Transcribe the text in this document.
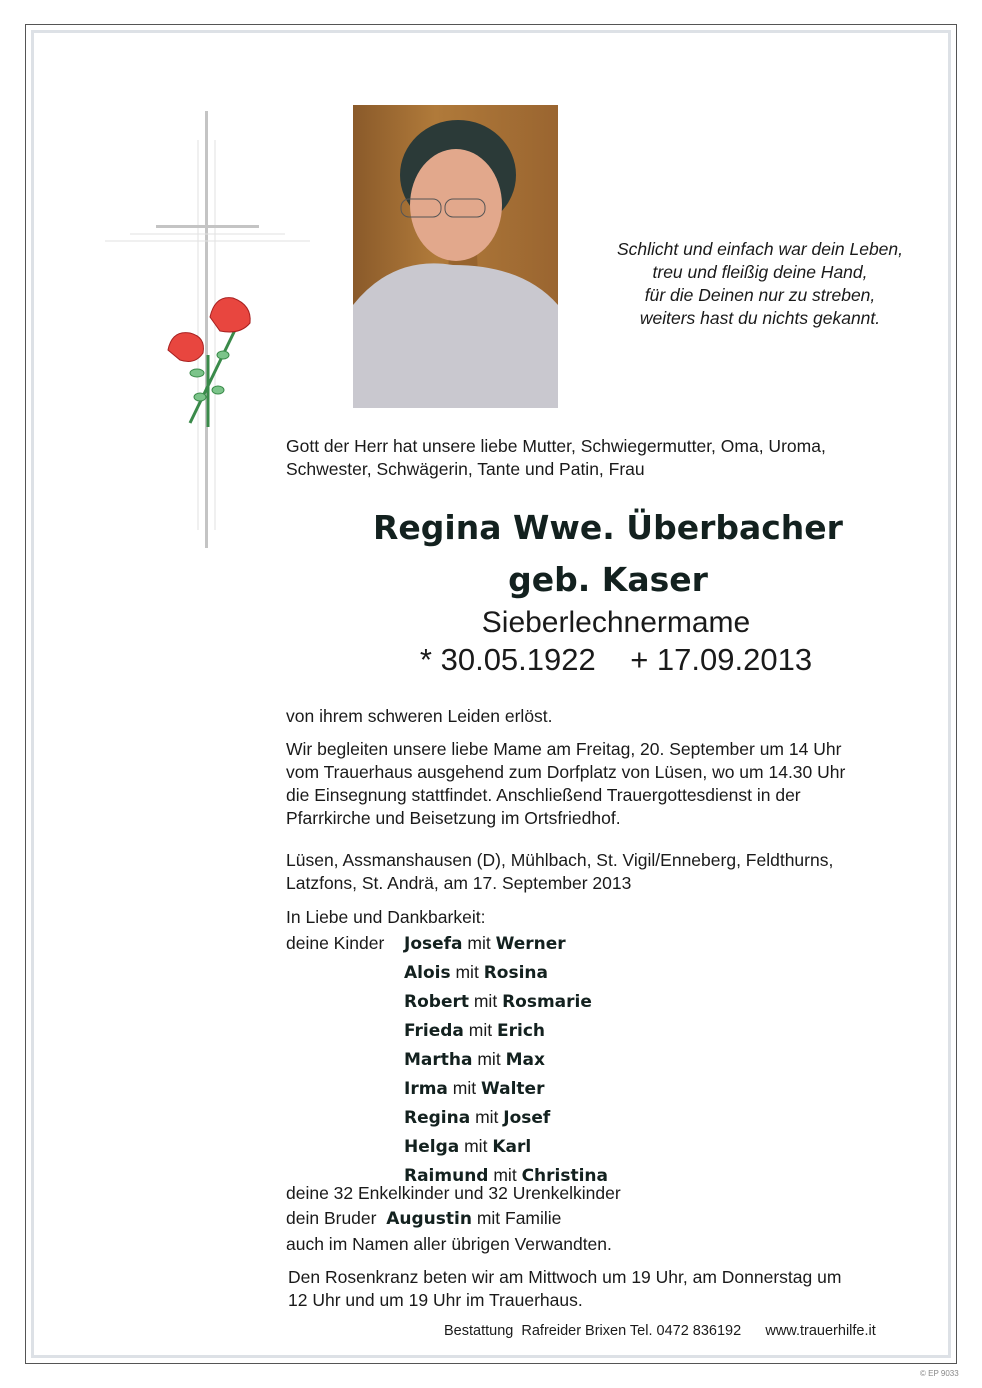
Schlicht und einfach war dein Leben,
treu und fleißig deine Hand,
für die Deinen nur zu streben,
weiters hast du nichts gekannt.
Gott der Herr hat unsere liebe Mutter, Schwiegermutter, Oma, Uroma,
Schwester, Schwägerin, Tante und Patin, Frau
Regina Wwe. Überbacher
geb. Kaser
Sieberlechnermame
* 30.05.1922 + 17.09.2013
von ihrem schweren Leiden erlöst.
Wir begleiten unsere liebe Mame am Freitag, 20. September um 14 Uhr
vom Trauerhaus ausgehend zum Dorfplatz von Lüsen, wo um 14.30 Uhr
die Einsegnung stattfindet. Anschließend Trauergottesdienst in der
Pfarrkirche und Beisetzung im Ortsfriedhof.
Lüsen, Assmanshausen (D), Mühlbach, St. Vigil/Enneberg, Feldthurns,
Latzfons, St. Andrä, am 17. September 2013
In Liebe und Dankbarkeit:
deine Kinder Josefa mit Werner
Alois mit Rosina
Robert mit Rosmarie
Frieda mit Erich
Martha mit Max
Irma mit Walter
Regina mit Josef
Helga mit Karl
Raimund mit Christina
deine 32 Enkelkinder und 32 Urenkelkinder
dein Bruder Augustin mit Familie
auch im Namen aller übrigen Verwandten.
Den Rosenkranz beten wir am Mittwoch um 19 Uhr, am Donnerstag um
12 Uhr und um 19 Uhr im Trauerhaus.
Bestattung  Rafreider Brixen Tel. 0472 836192 www.trauerhilfe.it
© EP 9033
